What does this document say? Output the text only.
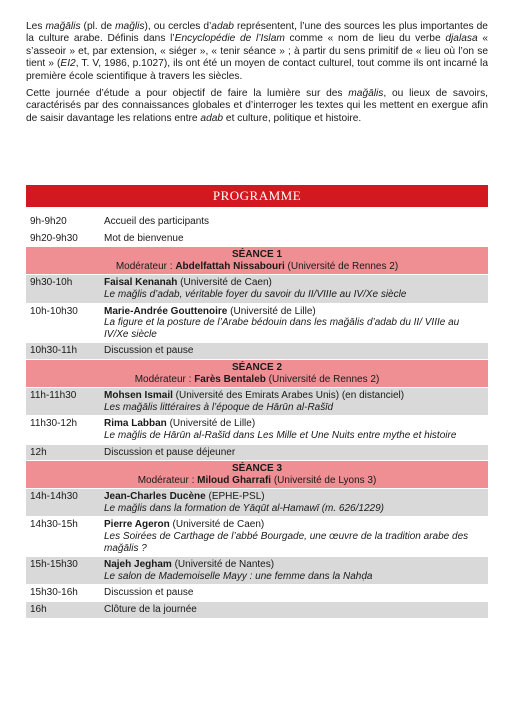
Les mağālis (pl. de mağlis), ou cercles d’adab représentent, l’une des sources les plus importantes de la culture arabe. Définis dans l’Encyclopédie de l’Islam comme « nom de lieu du verbe djalasa « s’asseoir » et, par extension, « siéger », « tenir séance » ; à partir du sens primitif de « lieu où l’on se tient » (EI2, T. V, 1986, p.1027), ils ont été un moyen de contact culturel, tout comme ils ont incarné la première école scientifique à travers les siècles.

Cette journée d’étude a pour objectif de faire la lumière sur des mağālis, ou lieux de savoirs, caractérisés par des connaissances globales et d’interroger les textes qui les mettent en exergue afin de saisir davantage les relations entre adab et culture, politique et histoire.

PROGRAMME
9h-9h20	Accueil des participants
9h20-9h30	Mot de bienvenue

SÉANCE 1
Modérateur : Abdelfattah Nissabouri (Université de Rennes 2)	
9h30-10h	Faisal Kenanah (Université de Caen)
Le mağlis d’adab, véritable foyer du savoir du II/VIIIe au IV/Xe siècle

10h-10h30	Marie-Andrée Gouttenoire (Université de Lille)
La figure et la posture de l’Arabe bédouin dans les mağālis d’adab du II/ VIIIe au IV/Xe siècle

10h30-11h	Discussion et pause

SÉANCE 2
Modérateur : Farès Bentaleb (Université de Rennes 2)	
11h-11h30	Mohsen Ismail (Université des Emirats Arabes Unis) (en distanciel)
Les mağālis littéraires à l’époque de Hārūn al-Rašīd

11h30-12h	Rima Labban (Université de Lille)
Le mağlis de Hārūn al-Rašīd dans Les Mille et Une Nuits entre mythe et histoire

12h	Discussion et pause déjeuner

SÉANCE 3
Modérateur : Miloud Gharrafi (Université de Lyons 3)	
14h-14h30	Jean-Charles Ducène (EPHE-PSL)
Le mağlis dans la formation de Yāqūt al-Hamawī (m. 626/1229)

14h30-15h	Pierre Ageron (Université de Caen)
Les Soirées de Carthage de l’abbé Bourgade, une œuvre de la tradition arabe des mağālis ?

15h-15h30	Najeh Jegham (Université de Nantes)
Le salon de Mademoiselle Mayy : une femme dans la Nahḍa

15h30-16h	Discussion et pause
16h	Clôture de la journée
